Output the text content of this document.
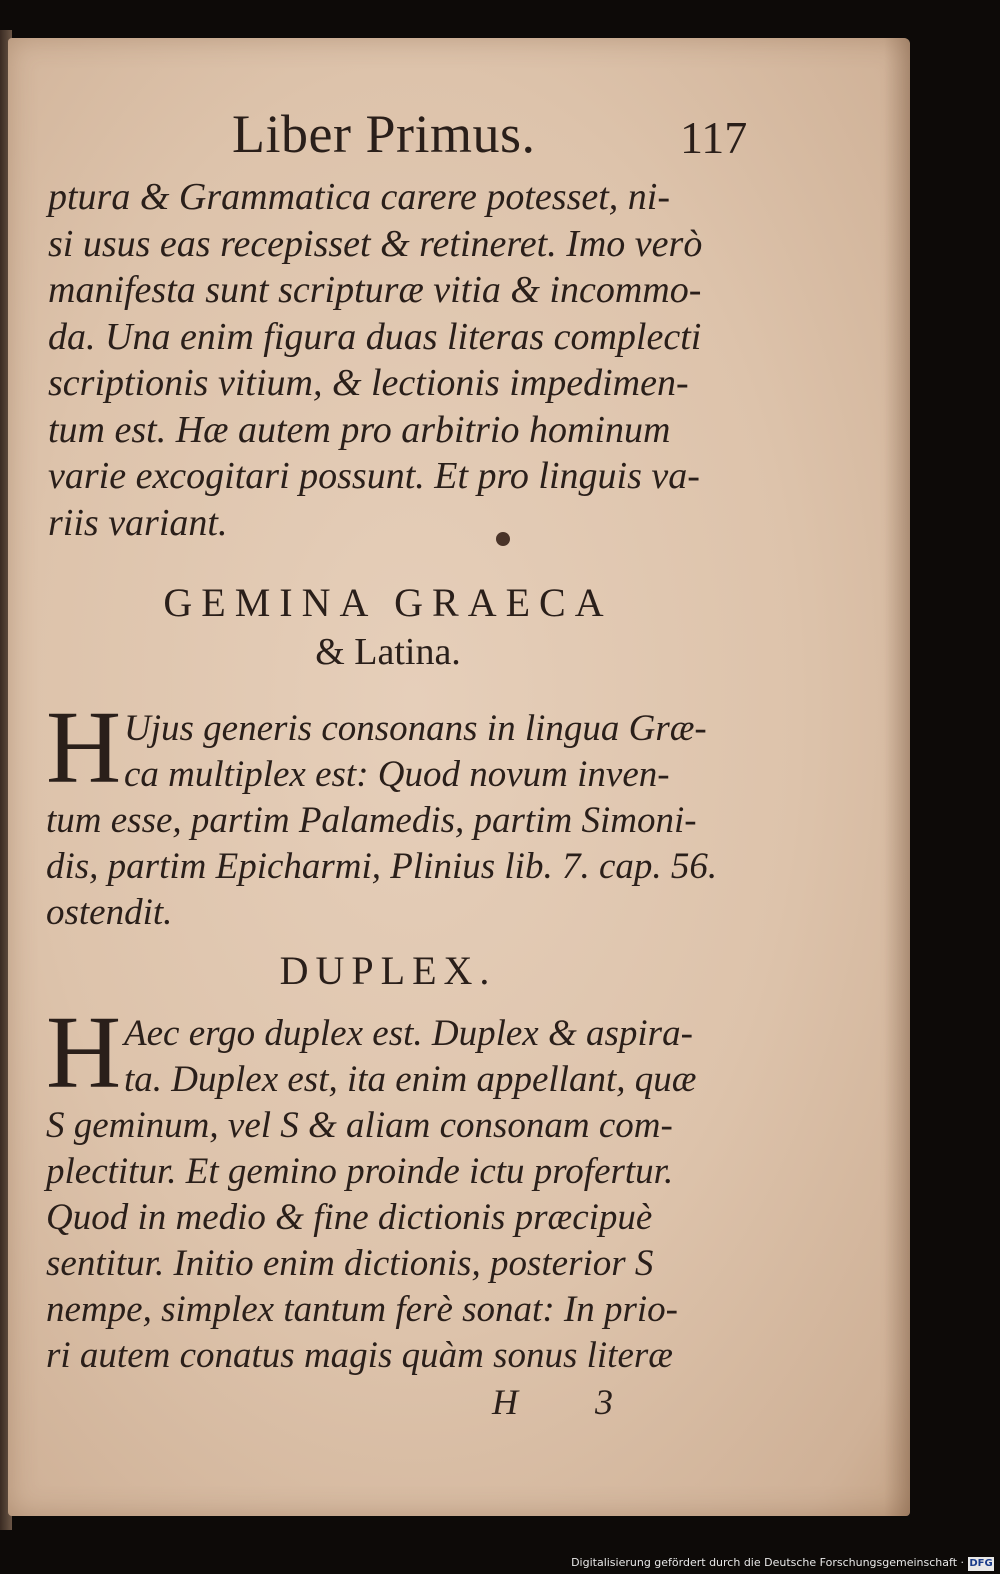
Liber Primus.	117
ptura & Grammatica carere potesset, ni-
si usus eas recepisset & retineret. Imo verò
manifesta sunt scripturæ vitia & incommo-
da. Una enim figura duas literas complecti
scriptionis vitium, & lectionis impedimen-
tum est. Hæ autem pro arbitrio hominum
varie excogitari possunt. Et pro linguis va-
riis variant.
GEMINA GRAECA
& Latina.
H Ujus generis consonans in lingua Græ-
ca multiplex est: Quod novum inven-
tum esse, partim Palamedis, partim Simoni-
dis, partim Epicharmi, Plinius lib. 7. cap. 56.
ostendit.
DUPLEX.
H Aec ergo duplex est. Duplex & aspira-
ta. Duplex est, ita enim appellant, quæ
S geminum, vel S & aliam consonam com-
plectitur. Et gemino proinde ictu profertur.
Quod in medio & fine dictionis præcipuè
sentitur. Initio enim dictionis, posterior S
nempe, simplex tantum ferè sonat: In prio-
ri autem conatus magis quàm sonus literæ
H 3
Digitalisierung gefördert durch die Deutsche Forschungsgemeinschaft · DFG
